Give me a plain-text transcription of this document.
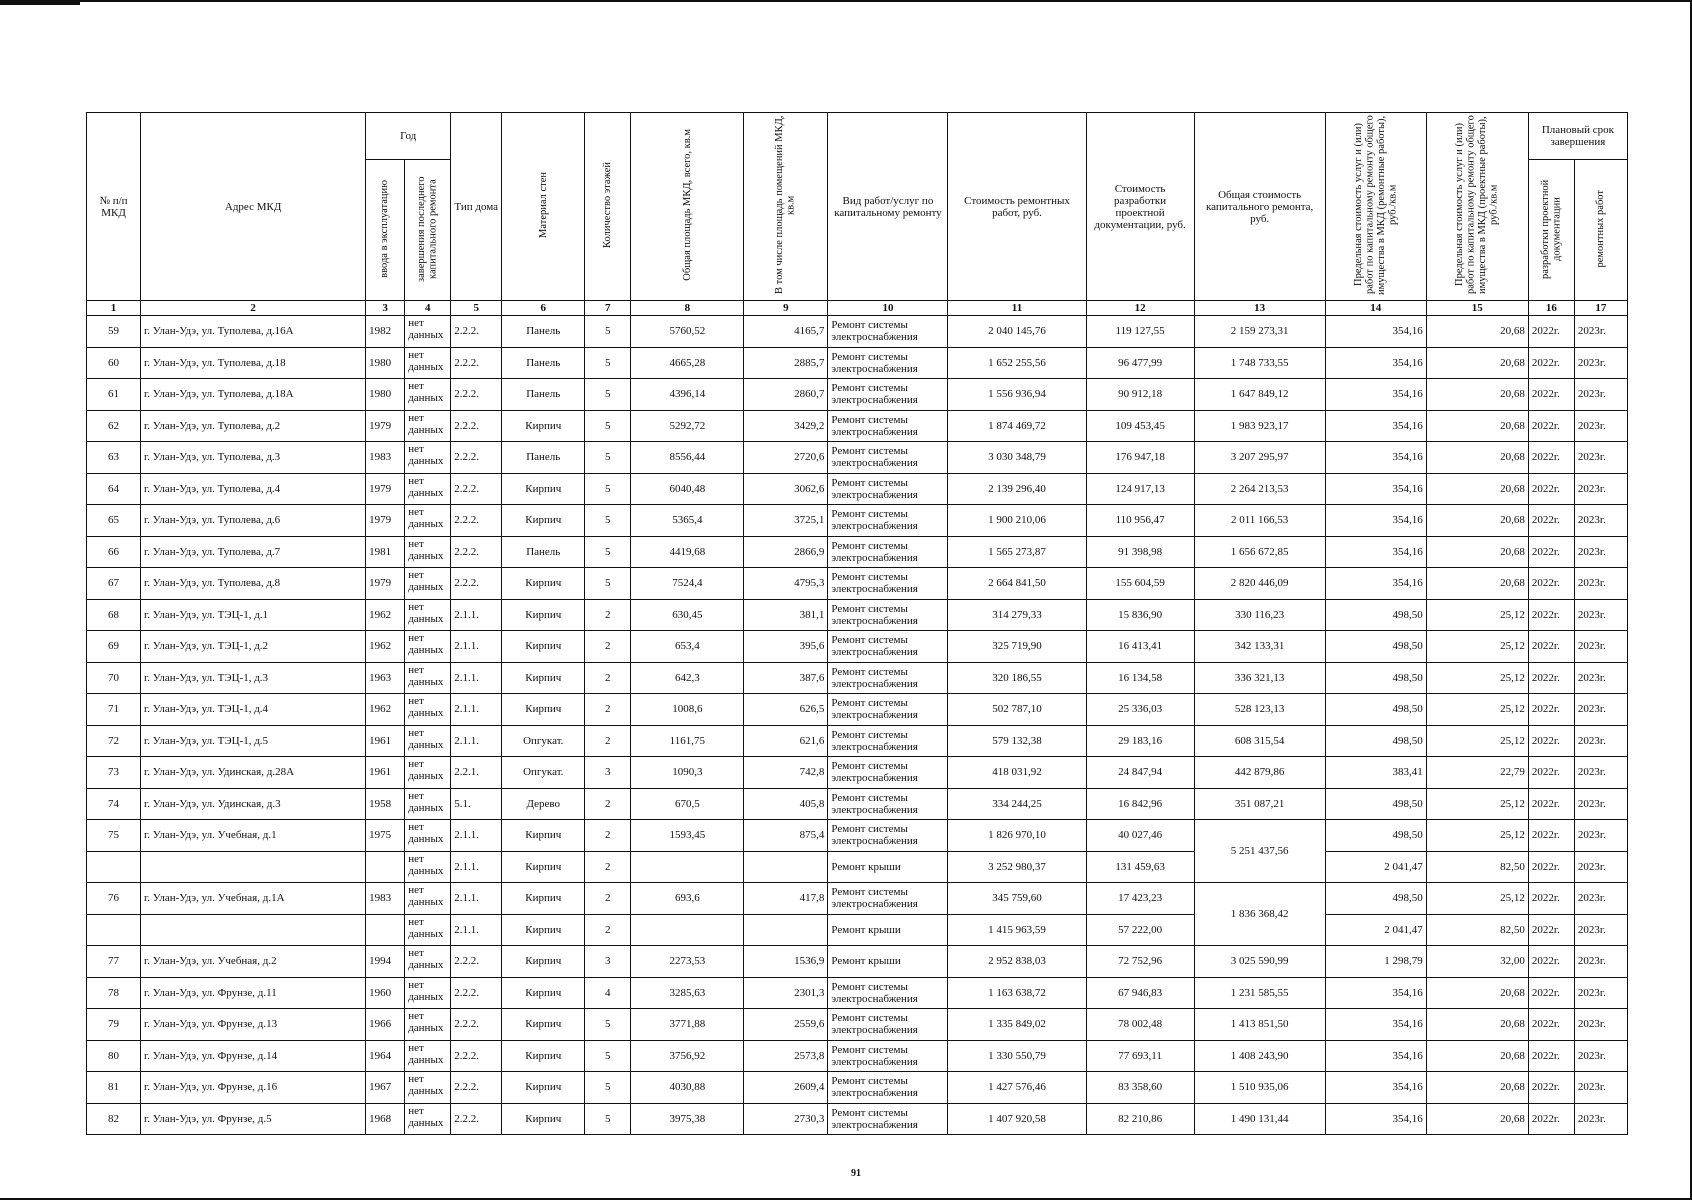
№ п/п МКД	Адрес МКД	Год		Тип дома	Материал стен	Количество этажей	Общая площадь МКД, всего, кв.м	В том числе площадь помещений МКД, кв.м	Вид работ/услуг по капитальному ремонту	Стоимость ремонтных работ, руб.	Стоимость разработки проектной документации, руб.	Общая стоимость капитального ремонта, руб.	Предельная стоимость услуг и (или) работ по капитальному ремонту общего имущества в МКД (ремонтные работы), руб./кв.м	Предельная стоимость услуг и (или) работ по капитальному ремонту общего имущества в МКД (проектные работы), руб./кв.м	Плановый срок завершения	
		ввода в эксплуатацию	завершения последнего капитального ремонта												разработки проектной документации	ремонтных работ
1	2	3	4	5	6	7	8	9	10	11	12	13	14	15	16	17
59	г. Улан-Удэ, ул. Туполева, д.16А	1982	нет данных	2.2.2.	Панель	5	5760,52	4165,7	Ремонт системы электроснабжения	2 040 145,76	119 127,55	2 159 273,31	354,16	20,68	2022г.	2023г.
60	г. Улан-Удэ, ул. Туполева, д.18	1980	нет данных	2.2.2.	Панель	5	4665,28	2885,7	Ремонт системы электроснабжения	1 652 255,56	96 477,99	1 748 733,55	354,16	20,68	2022г.	2023г.
61	г. Улан-Удэ, ул. Туполева, д.18А	1980	нет данных	2.2.2.	Панель	5	4396,14	2860,7	Ремонт системы электроснабжения	1 556 936,94	90 912,18	1 647 849,12	354,16	20,68	2022г.	2023г.
62	г. Улан-Удэ, ул. Туполева, д.2	1979	нет данных	2.2.2.	Кирпич	5	5292,72	3429,2	Ремонт системы электроснабжения	1 874 469,72	109 453,45	1 983 923,17	354,16	20,68	2022г.	2023г.
63	г. Улан-Удэ, ул. Туполева, д.3	1983	нет данных	2.2.2.	Панель	5	8556,44	2720,6	Ремонт системы электроснабжения	3 030 348,79	176 947,18	3 207 295,97	354,16	20,68	2022г.	2023г.
64	г. Улан-Удэ, ул. Туполева, д.4	1979	нет данных	2.2.2.	Кирпич	5	6040,48	3062,6	Ремонт системы электроснабжения	2 139 296,40	124 917,13	2 264 213,53	354,16	20,68	2022г.	2023г.
65	г. Улан-Удэ, ул. Туполева, д.6	1979	нет данных	2.2.2.	Кирпич	5	5365,4	3725,1	Ремонт системы электроснабжения	1 900 210,06	110 956,47	2 011 166,53	354,16	20,68	2022г.	2023г.
66	г. Улан-Удэ, ул. Туполева, д.7	1981	нет данных	2.2.2.	Панель	5	4419,68	2866,9	Ремонт системы электроснабжения	1 565 273,87	91 398,98	1 656 672,85	354,16	20,68	2022г.	2023г.
67	г. Улан-Удэ, ул. Туполева, д.8	1979	нет данных	2.2.2.	Кирпич	5	7524,4	4795,3	Ремонт системы электроснабжения	2 664 841,50	155 604,59	2 820 446,09	354,16	20,68	2022г.	2023г.
68	г. Улан-Удэ, ул. ТЭЦ-1, д.1	1962	нет данных	2.1.1.	Кирпич	2	630,45	381,1	Ремонт системы электроснабжения	314 279,33	15 836,90	330 116,23	498,50	25,12	2022г.	2023г.
69	г. Улан-Удэ, ул. ТЭЦ-1, д.2	1962	нет данных	2.1.1.	Кирпич	2	653,4	395,6	Ремонт системы электроснабжения	325 719,90	16 413,41	342 133,31	498,50	25,12	2022г.	2023г.
70	г. Улан-Удэ, ул. ТЭЦ-1, д.3	1963	нет данных	2.1.1.	Кирпич	2	642,3	387,6	Ремонт системы электроснабжения	320 186,55	16 134,58	336 321,13	498,50	25,12	2022г.	2023г.
71	г. Улан-Удэ, ул. ТЭЦ-1, д.4	1962	нет данных	2.1.1.	Кирпич	2	1008,6	626,5	Ремонт системы электроснабжения	502 787,10	25 336,03	528 123,13	498,50	25,12	2022г.	2023г.
72	г. Улан-Удэ, ул. ТЭЦ-1, д.5	1961	нет данных	2.1.1.	Опгукат.	2	1161,75	621,6	Ремонт системы электроснабжения	579 132,38	29 183,16	608 315,54	498,50	25,12	2022г.	2023г.
73	г. Улан-Удэ, ул. Удинская, д.28А	1961	нет данных	2.2.1.	Опгукат.	3	1090,3	742,8	Ремонт системы электроснабжения	418 031,92	24 847,94	442 879,86	383,41	22,79	2022г.	2023г.
74	г. Улан-Удэ, ул. Удинская, д.3	1958	нет данных	5.1.	Дерево	2	670,5	405,8	Ремонт системы электроснабжения	334 244,25	16 842,96	351 087,21	498,50	25,12	2022г.	2023г.
75	г. Улан-Удэ, ул. Учебная, д.1	1975	нет данных	2.1.1.	Кирпич	2	1593,45	875,4	Ремонт системы электроснабжения	1 826 970,10	40 027,46	5 251 437,56	498,50	25,12	2022г.	2023г.
			нет данных	2.1.1.	Кирпич	2			Ремонт крыши	3 252 980,37	131 459,63		2 041,47	82,50	2022г.	2023г.
76	г. Улан-Удэ, ул. Учебная, д.1А	1983	нет данных	2.1.1.	Кирпич	2	693,6	417,8	Ремонт системы электроснабжения	345 759,60	17 423,23	1 836 368,42	498,50	25,12	2022г.	2023г.
			нет данных	2.1.1.	Кирпич	2			Ремонт крыши	1 415 963,59	57 222,00		2 041,47	82,50	2022г.	2023г.
77	г. Улан-Удэ, ул. Учебная, д.2	1994	нет данных	2.2.2.	Кирпич	3	2273,53	1536,9	Ремонт крыши	2 952 838,03	72 752,96	3 025 590,99	1 298,79	32,00	2022г.	2023г.
78	г. Улан-Удэ, ул. Фрунзе, д.11	1960	нет данных	2.2.2.	Кирпич	4	3285,63	2301,3	Ремонт системы электроснабжения	1 163 638,72	67 946,83	1 231 585,55	354,16	20,68	2022г.	2023г.
79	г. Улан-Удэ, ул. Фрунзе, д.13	1966	нет данных	2.2.2.	Кирпич	5	3771,88	2559,6	Ремонт системы электроснабжения	1 335 849,02	78 002,48	1 413 851,50	354,16	20,68	2022г.	2023г.
80	г. Улан-Удэ, ул. Фрунзе, д.14	1964	нет данных	2.2.2.	Кирпич	5	3756,92	2573,8	Ремонт системы электроснабжения	1 330 550,79	77 693,11	1 408 243,90	354,16	20,68	2022г.	2023г.
81	г. Улан-Удэ, ул. Фрунзе, д.16	1967	нет данных	2.2.2.	Кирпич	5	4030,88	2609,4	Ремонт системы электроснабжения	1 427 576,46	83 358,60	1 510 935,06	354,16	20,68	2022г.	2023г.
82	г. Улан-Удэ, ул. Фрунзе, д.5	1968	нет данных	2.2.2.	Кирпич	5	3975,38	2730,3	Ремонт системы электроснабжения	1 407 920,58	82 210,86	1 490 131,44	354,16	20,68	2022г.	2023г.
91
